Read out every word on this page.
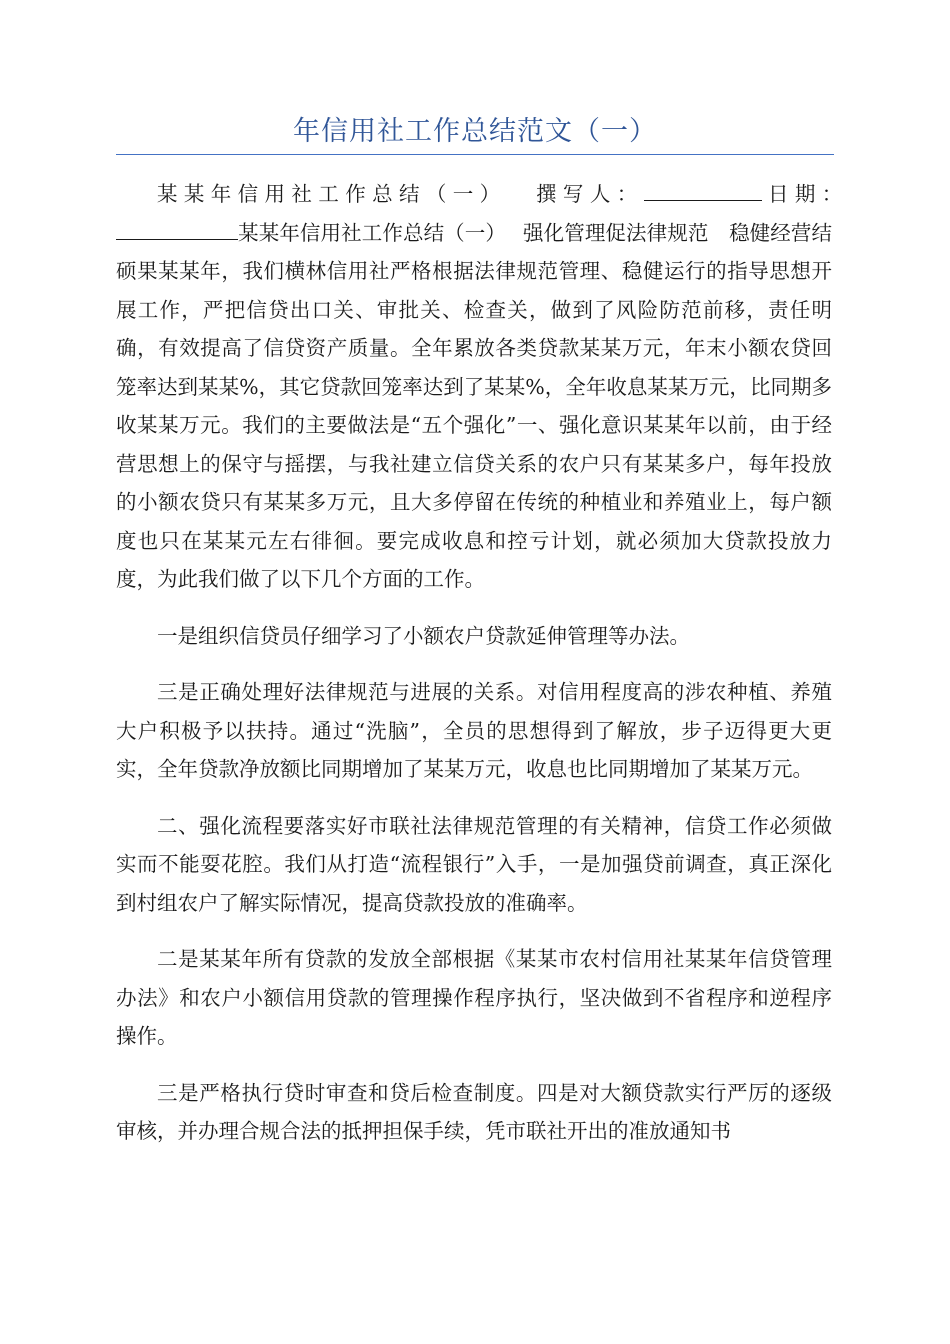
年信用社工作总结范文（一）

某某年信用社工作总结（一）　 撰写人：	日期：　某某年信用社工作总结（一）　 强化管理促法律规范　稳健经营结硕果某某年，我们横林信用社严格根据法律规范管理、稳健运行的指导思想开展工作，严把信贷出口关、审批关、检查关，做到了风险防范前移，责任明确，有效提高了信贷资产质量。全年累放各类贷款某某万元，年末小额农贷回笼率达到某某%，其它贷款回笼率达到了某某%，全年收息某某万元，比同期多收某某万元。我们的主要做法是“五个强化”一、强化意识某某年以前，由于经营思想上的保守与摇摆，与我社建立信贷关系的农户只有某某多户，每年投放的小额农贷只有某某多万元，且大多停留在传统的种植业和养殖业上，每户额度也只在某某元左右徘徊。要完成收息和控亏计划，就必须加大贷款投放力度，为此我们做了以下几个方面的工作。

一是组织信贷员仔细学习了小额农户贷款延伸管理等办法。

三是正确处理好法律规范与进展的关系。对信用程度高的涉农种植、养殖大户积极予以扶持。通过“洗脑”，全员的思想得到了解放，步子迈得更大更实，全年贷款净放额比同期增加了某某万元，收息也比同期增加了某某万元。

二、强化流程要落实好市联社法律规范管理的有关精神，信贷工作必须做实而不能耍花腔。我们从打造“流程银行”入手，一是加强贷前调查，真正深化到村组农户了解实际情况，提高贷款投放的准确率。

二是某某年所有贷款的发放全部根据《某某市农村信用社某某年信贷管理办法》和农户小额信用贷款的管理操作程序执行，坚决做到不省程序和逆程序操作。

三是严格执行贷时审查和贷后检查制度。四是对大额贷款实行严厉的逐级审核，并办理合规合法的抵押担保手续，凭市联社开出的准放通知书
